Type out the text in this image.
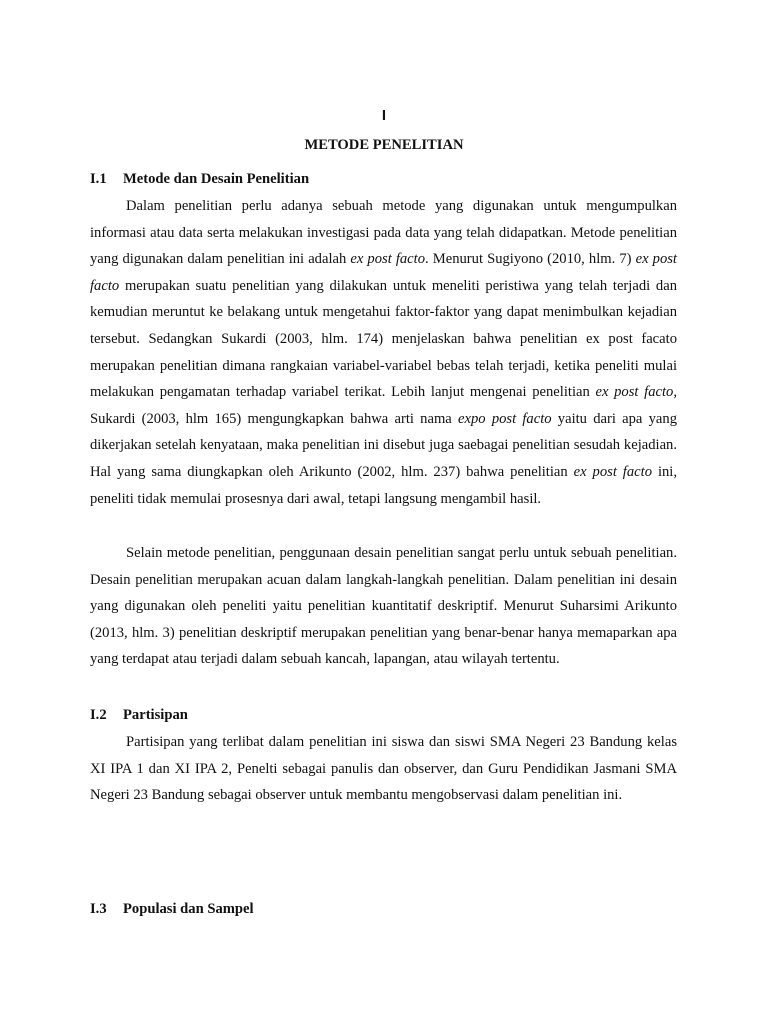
I
METODE PENELITIAN
I.1 Metode dan Desain Penelitian

Dalam penelitian perlu adanya sebuah metode yang digunakan untuk mengumpulkan informasi atau data serta melakukan investigasi pada data yang telah didapatkan. Metode penelitian yang digunakan dalam penelitian ini adalah ex post facto. Menurut Sugiyono (2010, hlm. 7) ex post facto merupakan suatu penelitian yang dilakukan untuk meneliti peristiwa yang telah terjadi dan kemudian meruntut ke belakang untuk mengetahui faktor-faktor yang dapat menimbulkan kejadian tersebut. Sedangkan Sukardi (2003, hlm. 174) menjelaskan bahwa penelitian ex post facato merupakan penelitian dimana rangkaian variabel-variabel bebas telah terjadi, ketika peneliti mulai melakukan pengamatan terhadap variabel terikat. Lebih lanjut mengenai penelitian ex post facto, Sukardi (2003, hlm 165) mengungkapkan bahwa arti nama expo post facto yaitu dari apa yang dikerjakan setelah kenyataan, maka penelitian ini disebut juga saebagai penelitian sesudah kejadian. Hal yang sama diungkapkan oleh Arikunto (2002, hlm. 237) bahwa penelitian ex post facto ini, peneliti tidak memulai prosesnya dari awal, tetapi langsung mengambil hasil.

Selain metode penelitian, penggunaan desain penelitian sangat perlu untuk sebuah penelitian. Desain penelitian merupakan acuan dalam langkah-langkah penelitian. Dalam penelitian ini desain yang digunakan oleh peneliti yaitu penelitian kuantitatif deskriptif. Menurut Suharsimi Arikunto (2013, hlm. 3) penelitian deskriptif merupakan penelitian yang benar-benar hanya memaparkan apa yang terdapat atau terjadi dalam sebuah kancah, lapangan, atau wilayah tertentu.

I.2 Partisipan

Partisipan yang terlibat dalam penelitian ini siswa dan siswi SMA Negeri 23 Bandung kelas XI IPA 1 dan XI IPA 2, Penelti sebagai panulis dan observer, dan Guru Pendidikan Jasmani SMA Negeri 23 Bandung sebagai observer untuk membantu mengobservasi dalam penelitian ini.

I.3 Populasi dan Sampel
